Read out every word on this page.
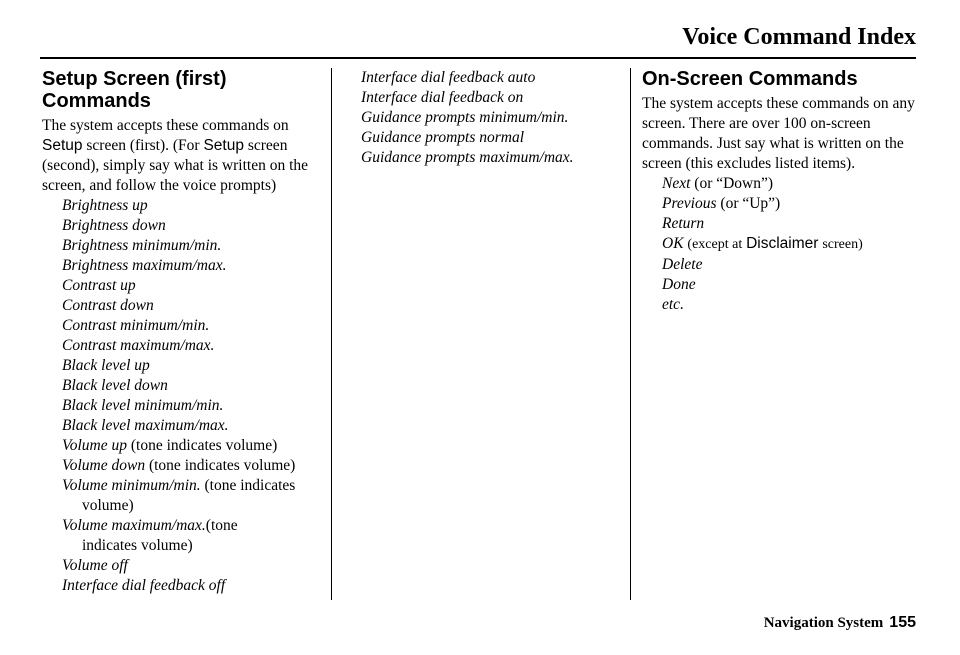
Voice Command Index
Setup Screen (first) Commands

The system accepts these commands on Setup screen (first). (For Setup screen (second), simply say what is written on the screen, and follow the voice prompts)

Brightness up
Brightness down
Brightness minimum/min.
Brightness maximum/max.
Contrast up
Contrast down
Contrast minimum/min.
Contrast maximum/max.
Black level up
Black level down
Black level minimum/min.
Black level maximum/max.
Volume up (tone indicates volume)
Volume down (tone indicates volume)
Volume minimum/min. (tone indicates
volume)
Volume maximum/max.(tone
indicates volume)
Volume off
Interface dial feedback off
Interface dial feedback auto
Interface dial feedback on
Guidance prompts minimum/min.
Guidance prompts normal
Guidance prompts maximum/max.
On-Screen Commands

The system accepts these commands on any screen. There are over 100 on-screen commands. Just say what is written on the screen (this excludes listed items).

Next (or “Down”)
Previous (or “Up”)
Return
OK (except at Disclaimer screen)
Delete
Done
etc.
Navigation System 155
